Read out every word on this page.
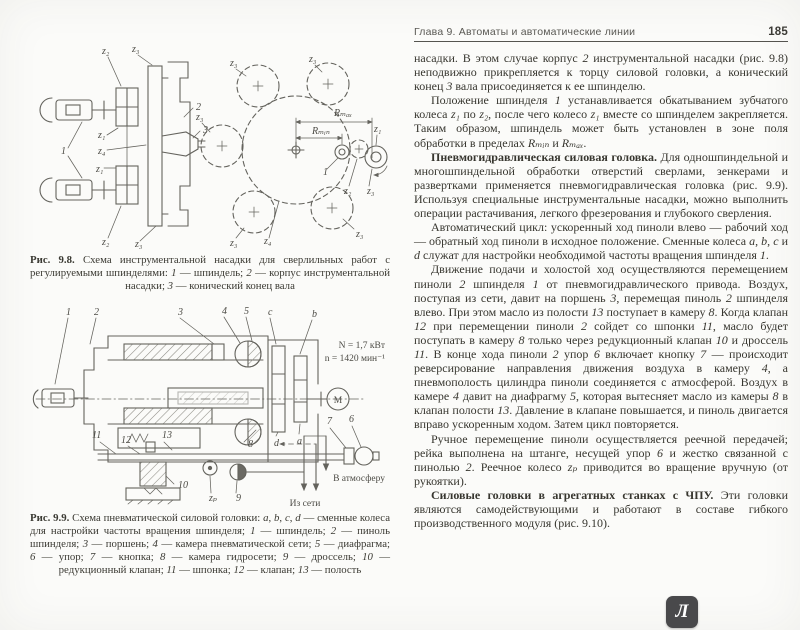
z₂ z₃
2
3
1
z₁
z₄
z₁
z₂	z₃
z₃	z₃
z₃
z₃
z₃
Rₘₐₓ
Rₘᵢₙ
1
z₂ z₃
z₁
z₄
Рис. 9.8. Схема инструментальной насадки для сверлильных работ с регулируемыми шпинделями: 1 — шпиндель; 2 — корпус инструментальной насадки; 3 — конический конец вала
1 2	3	4 5 c	b
N = 1,7 кВт
n = 1420 мин⁻¹
М
d a
7 6
11 12	13
8
10
zₚ 9	Из сети
В атмосферу
Рис. 9.9. Схема пневматической силовой головки: a, b, c, d — сменные колеса для настройки частоты вращения шпинделя; 1 — шпиндель; 2 — пиноль шпинделя; 3 — поршень; 4 — камера пневматической сети; 5 — диафрагма; 6 — упор; 7 — кнопка; 8 — камера гидросети; 9 — дроссель; 10 — редукционный клапан; 11 — шпонка; 12 — клапан; 13 — полость
Глава 9. Автоматы и автоматические линии	185

насадки. В этом случае корпус 2 инструментальной насадки (рис. 9.8) неподвижно прикрепляется к торцу силовой головки, а конический конец 3 вала присоединяется к ее шпинделю.

Положение шпинделя 1 устанавливается обкатыванием зубчатого колеса z₁ по z₂, после чего колесо z₁ вместе со шпинделем закрепляется. Таким образом, шпиндель может быть установлен в зоне поля обработки в пределах Rₘᵢₙ и Rₘₐₓ.

Пневмогидравлическая силовая головка. Для одношпиндельной и многошпиндельной обработки отверстий сверлами, зенкерами и развертками применяется пневмогидравлическая головка (рис. 9.9). Используя специальные инструментальные насадки, можно выполнить операции растачивания, легкого фрезерования и глубокого сверления.

Автоматический цикл: ускоренный ход пиноли влево — рабочий ход — обратный ход пиноли в исходное положение. Сменные колеса a, b, c и d служат для настройки необходимой частоты вращения шпинделя 1.

Движение подачи и холостой ход осуществляются перемещением пиноли 2 шпинделя 1 от пневмогидравлического привода. Воздух, поступая из сети, давит на поршень 3, перемещая пиноль 2 шпинделя влево. При этом масло из полости 13 поступает в камеру 8. Когда клапан 12 при перемещении пиноли 2 сойдет со шпонки 11, масло будет поступать в камеру 8 только через редукционный клапан 10 и дроссель 11. В конце хода пиноли 2 упор 6 включает кнопку 7 — происходит реверсирование направления движения воздуха в камеру 4, а пневмополость цилиндра пиноли соединяется с атмосферой. Воздух в камере 4 давит на диафрагму 5, которая вытесняет масло из камеры 8 в клапан полости 13. Давление в клапане повышается, и пиноль двигается вправо ускоренным ходом. Затем цикл повторяется.

Ручное перемещение пиноли осуществляется реечной передачей; рейка выполнена на штанге, несущей упор 6 и жестко связанной с пинолью 2. Реечное колесо zₚ приводится во вращение вручную (от рукоятки).

Силовые головки в агрегатных станках с ЧПУ. Эти головки являются самодействующими и работают в составе гибкого производственного модуля (рис. 9.10).

Л
